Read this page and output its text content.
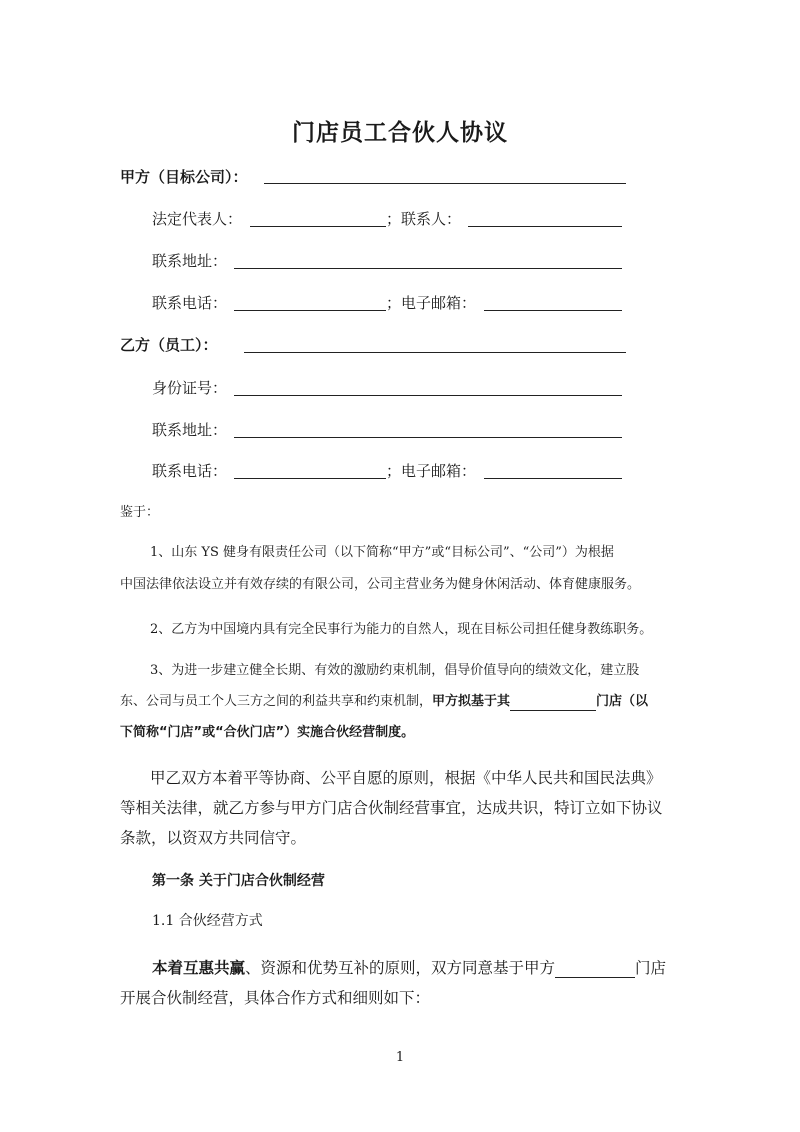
门店员工合伙人协议
甲方（目标公司）：
法定代表人：	；联系人：
联系地址：
联系电话：	；电子邮箱：
乙方（员工）：
身份证号：
联系地址：
联系电话：	；电子邮箱：
鉴于：
1、山东 YS 健身有限责任公司（以下简称“甲方”或“目标公司”、“公司”）为根据
中国法律依法设立并有效存续的有限公司，公司主营业务为健身休闲活动、体育健康服务。
2、乙方为中国境内具有完全民事行为能力的自然人，现在目标公司担任健身教练职务。
3、为进一步建立健全长期、有效的激励约束机制，倡导价值导向的绩效文化，建立股
东、公司与员工个人三方之间的利益共享和约束机制，甲方拟基于其	门店（以
下简称“门店”或“合伙门店”）实施合伙经营制度。
甲乙双方本着平等协商、公平自愿的原则，根据《中华人民共和国民法典》
等相关法律，就乙方参与甲方门店合伙制经营事宜，达成共识，特订立如下协议
条款，以资双方共同信守。
第一条 关于门店合伙制经营
1.1 合伙经营方式
本着互惠共赢、资源和优势互补的原则，双方同意基于甲方	门店
开展合伙制经营，具体合作方式和细则如下：
1
